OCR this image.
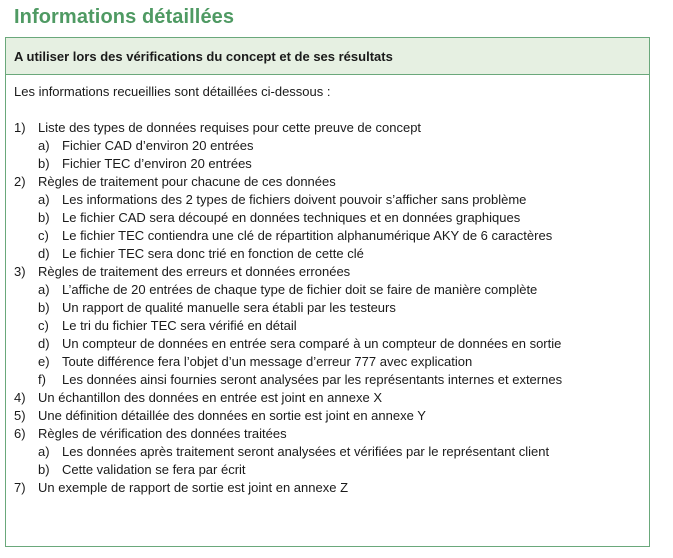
Informations détaillées
A utiliser lors des vérifications du concept et de ses résultats
Les informations recueillies sont détaillées ci-dessous :
1) Liste des types de données requises pour cette preuve de concept
a) Fichier CAD d’environ 20 entrées
b) Fichier TEC d’environ 20 entrées
2) Règles de traitement pour chacune de ces données
a) Les informations des 2 types de fichiers doivent pouvoir s’afficher sans problème
b) Le fichier CAD sera découpé en données techniques et en données graphiques
c) Le fichier TEC contiendra une clé de répartition alphanumérique AKY de 6 caractères
d) Le fichier TEC sera donc trié en fonction de cette clé
3) Règles de traitement des erreurs et données erronées
a) L’affiche de 20 entrées de chaque type de fichier doit se faire de manière complète
b) Un rapport de qualité manuelle sera établi par les testeurs
c) Le tri du fichier TEC sera vérifié en détail
d) Un compteur de données en entrée sera comparé à un compteur de données en sortie
e) Toute différence fera l’objet d’un message d’erreur 777 avec explication
f) Les données ainsi fournies seront analysées par les représentants internes et externes
4) Un échantillon des données en entrée est joint en annexe X
5) Une définition détaillée des données en sortie est joint en annexe Y
6) Règles de vérification des données traitées
a) Les données après traitement seront analysées et vérifiées par le représentant client
b) Cette validation se fera par écrit
7) Un exemple de rapport de sortie est joint en annexe Z
